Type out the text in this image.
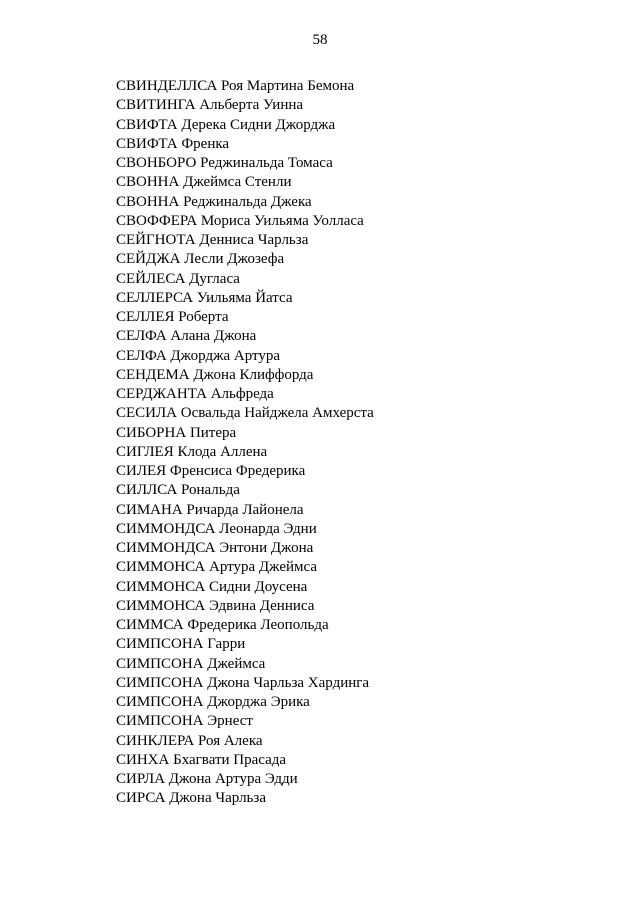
58
СВИНДЕЛЛСА Роя Мартина Бемона
СВИТИНГА Альберта Уинна
СВИФТА Дерека Сидни Джорджа
СВИФТА Френка
СВОНБОРО Реджинальда Томаса
СВОННА Джеймса Стенли
СВОННА Реджинальда Джека
СВОФФЕРА Мориса Уильяма Уолласа
СЕЙГНОТА Денниса Чарльза
СЕЙДЖА Лесли Джозефа
СЕЙЛЕСА Дугласа
СЕЛЛЕРСА Уильяма Йатса
СЕЛЛЕЯ Роберта
СЕЛФА Алана Джона
СЕЛФА Джорджа Артура
СЕНДЕМА Джона Клиффорда
СЕРДЖАНТА Альфреда
СЕСИЛА Освальда Найджела Амхерста
СИБОРНА Питера
СИГЛЕЯ Клода Аллена
СИЛЕЯ Френсиса Фредерика
СИЛЛСА Рональда
СИМАНА Ричарда Лайонела
СИММОНДСА Леонарда Эдни
СИММОНДСА Энтони Джона
СИММОНСА Артура Джеймса
СИММОНСА Сидни Доусена
СИММОНСА Эдвина Денниса
СИММСА Фредерика Леопольда
СИМПСОНА Гарри
СИМПСОНА Джеймса
СИМПСОНА Джона Чарльза Хардинга
СИМПСОНА Джорджа Эрика
СИМПСОНА Эрнест
СИНКЛЕРА Роя Алека
СИНХА Бхагвати Прасада
СИРЛА Джона Артура Эдди
СИРСА Джона Чарльза
